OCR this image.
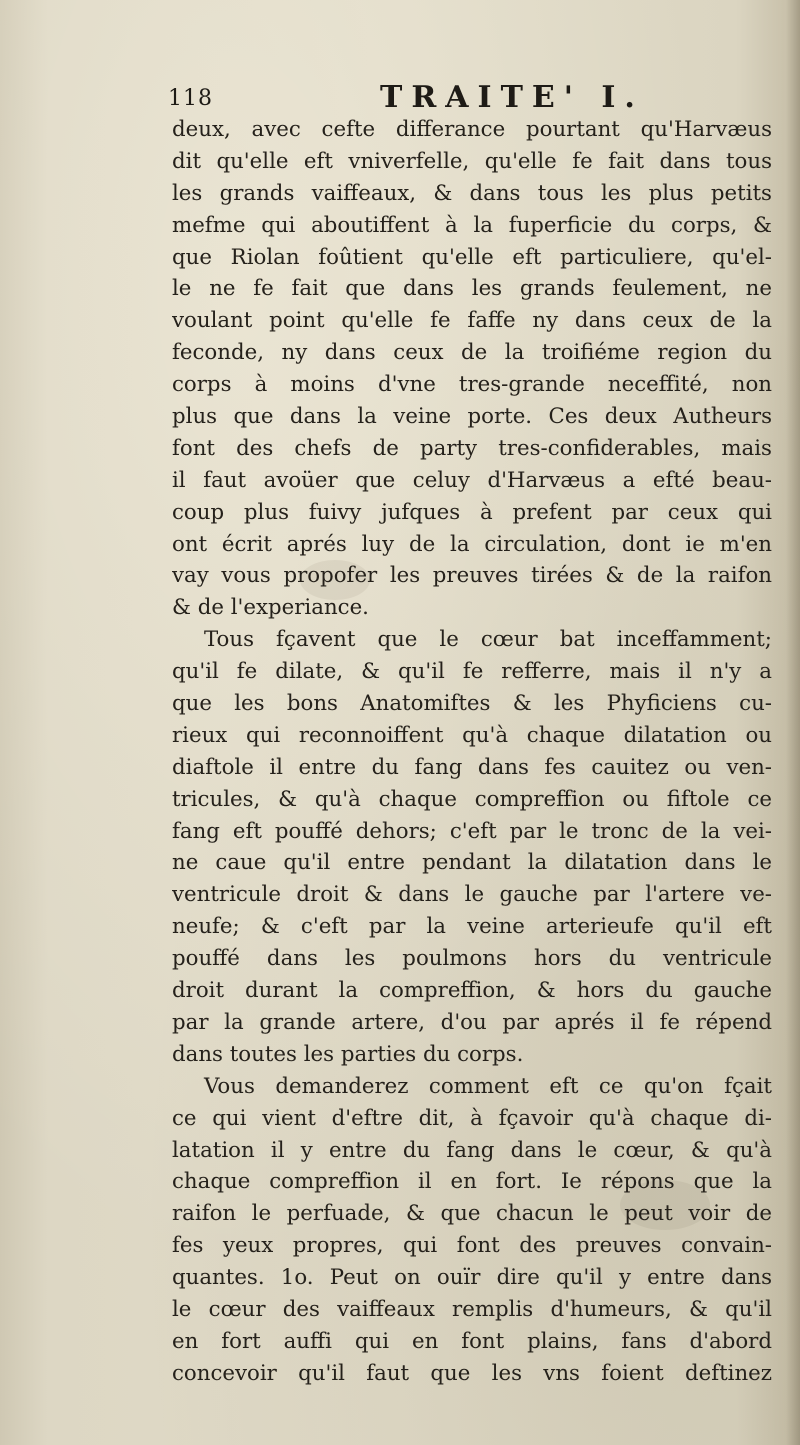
118	TRAITE' I.
deux, avec cefte differance pourtant qu'Harvæus
dit qu'elle eft vniverfelle, qu'elle fe fait dans tous
les grands vaiffeaux, & dans tous les plus petits
mefme qui aboutiffent à la fuperficie du corps, &
que Riolan foûtient qu'elle eft particuliere, qu'el-
le ne fe fait que dans les grands feulement, ne
voulant point qu'elle fe faffe ny dans ceux de la
feconde, ny dans ceux de la troifiéme region du
corps à moins d'vne tres-grande neceffité, non
plus que dans la veine porte. Ces deux Autheurs
font des chefs de party tres-confiderables, mais
il faut avoüer que celuy d'Harvæus a efté beau-
coup plus fuivy jufques à prefent par ceux qui
ont écrit aprés luy de la circulation, dont ie m'en
vay vous propofer les preuves tirées & de la raifon
& de l'experiance.
Tous fçavent que le cœur bat inceffamment;
qu'il fe dilate, & qu'il fe refferre, mais il n'y a
que les bons Anatomiftes & les Phyficiens cu-
rieux qui reconnoiffent qu'à chaque dilatation ou
diaftole il entre du fang dans fes cauitez ou ven-
tricules, & qu'à chaque compreffion ou fiftole ce
fang eft pouffé dehors; c'eft par le tronc de la vei-
ne caue qu'il entre pendant la dilatation dans le
ventricule droit & dans le gauche par l'artere ve-
neufe; & c'eft par la veine arterieufe qu'il eft
pouffé dans les poulmons hors du ventricule
droit durant la compreffion, & hors du gauche
par la grande artere, d'ou par aprés il fe répend
dans toutes les parties du corps.
Vous demanderez comment eft ce qu'on fçait
ce qui vient d'eftre dit, à fçavoir qu'à chaque di-
latation il y entre du fang dans le cœur, & qu'à
chaque compreffion il en fort. Ie répons que la
raifon le perfuade, & que chacun le peut voir de
fes yeux propres, qui font des preuves convain-
quantes. 1o. Peut on ouïr dire qu'il y entre dans
le cœur des vaiffeaux remplis d'humeurs, & qu'il
en fort auffi qui en font plains, fans d'abord
concevoir qu'il faut que les vns foient deftinez
